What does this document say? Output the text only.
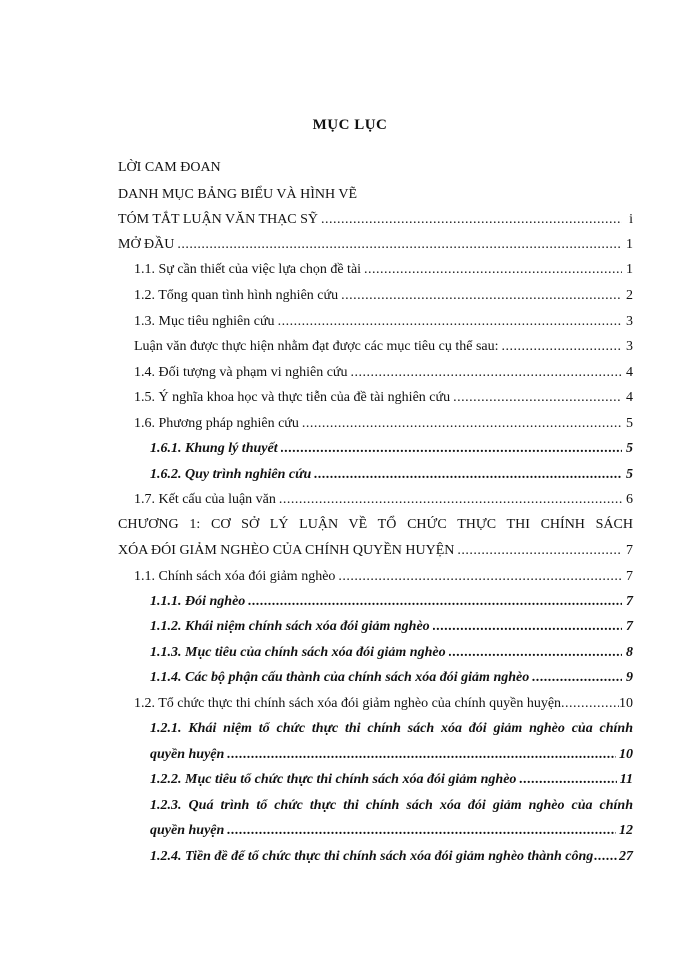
MỤC LỤC
LỜI CAM ĐOAN
DANH MỤC BẢNG BIỂU VÀ HÌNH VẼ
TÓM TẮT LUẬN VĂN THẠC SỸ .....	i
MỞ ĐẦU .....	1
1.1. Sự cần thiết của việc lựa chọn đề tài .....	1
1.2. Tổng quan tình hình nghiên cứu .....	2
1.3. Mục tiêu nghiên cứu .....	3
Luận văn được thực hiện nhằm đạt được các mục tiêu cụ thể sau: .....	3
1.4. Đối tượng và phạm vi nghiên cứu .....	4
1.5. Ý nghĩa khoa học và thực tiễn của đề tài nghiên cứu .....	4
1.6. Phương pháp nghiên cứu .....	5
1.6.1. Khung lý thuyết .....	5
1.6.2. Quy trình nghiên cứu .....	5
1.7. Kết cấu của luận văn .....	6
CHƯƠNG 1: CƠ SỞ LÝ LUẬN VỀ TỔ CHỨC THỰC THI CHÍNH SÁCH
XÓA ĐÓI GIẢM NGHÈO CỦA CHÍNH QUYỀN HUYỆN .....	7
1.1. Chính sách xóa đói giảm nghèo .....	7
1.1.1. Đói nghèo .....	7
1.1.2. Khái niệm chính sách xóa đói giảm nghèo .....	7
1.1.3. Mục tiêu của chính sách xóa đói giảm nghèo .....	8
1.1.4. Các bộ phận cấu thành của chính sách xóa đói giảm nghèo .....	9
1.2. Tổ chức thực thi chính sách xóa đói giảm nghèo của chính quyền huyện .....	10
1.2.1. Khái niệm tổ chức thực thi chính sách xóa đói giảm nghèo của chính
quyền huyện .....	10
1.2.2. Mục tiêu tổ chức thực thi chính sách xóa đói giảm nghèo .....	11
1.2.3. Quá trình tổ chức thực thi chính sách xóa đói giảm nghèo của chính
quyền huyện .....	12
1.2.4. Tiền đề để tổ chức thực thi chính sách xóa đói giảm nghèo thành công ..... 27
